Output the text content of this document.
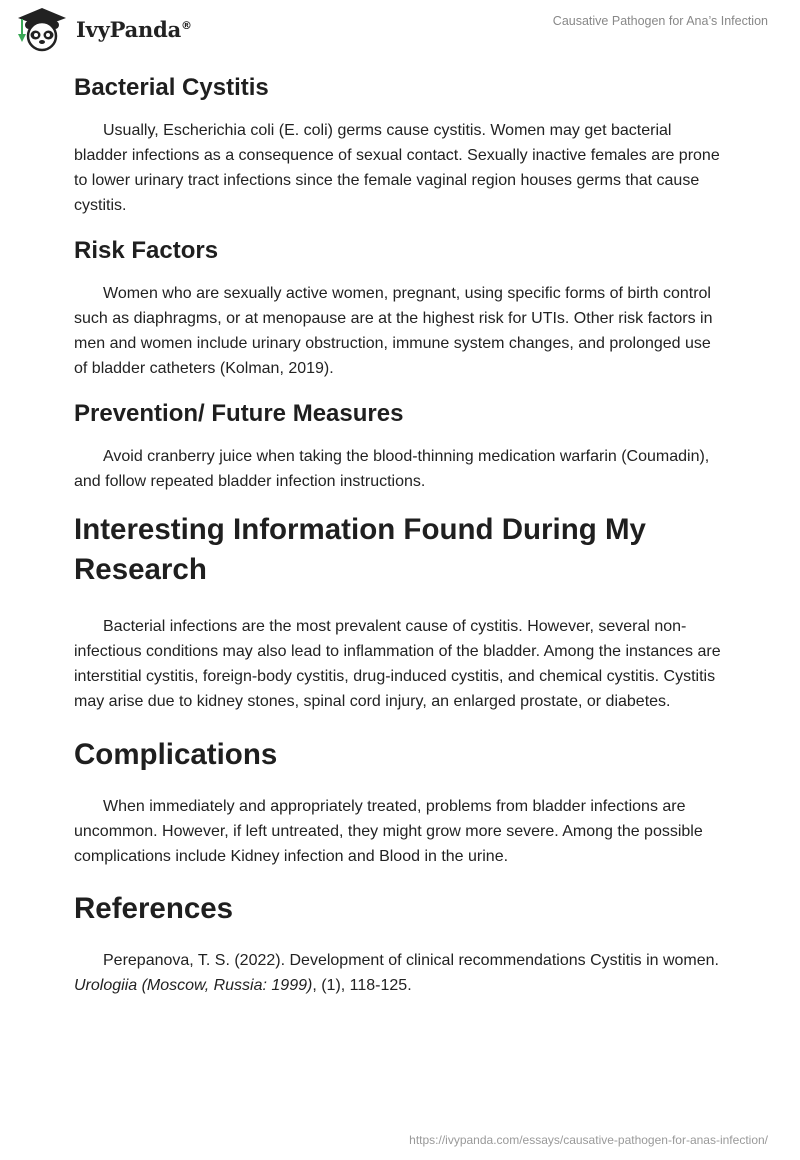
IvyPanda®	Causative Pathogen for Ana’s Infection
Bacterial Cystitis

Usually, Escherichia coli (E. coli) germs cause cystitis. Women may get bacterial bladder infections as a consequence of sexual contact. Sexually inactive females are prone to lower urinary tract infections since the female vaginal region houses germs that cause cystitis.

Risk Factors

Women who are sexually active women, pregnant, using specific forms of birth control such as diaphragms, or at menopause are at the highest risk for UTIs. Other risk factors in men and women include urinary obstruction, immune system changes, and prolonged use of bladder catheters (Kolman, 2019).

Prevention/ Future Measures

Avoid cranberry juice when taking the blood-thinning medication warfarin (Coumadin), and follow repeated bladder infection instructions.

Interesting Information Found During My Research

Bacterial infections are the most prevalent cause of cystitis. However, several non-infectious conditions may also lead to inflammation of the bladder. Among the instances are interstitial cystitis, foreign-body cystitis, drug-induced cystitis, and chemical cystitis. Cystitis may arise due to kidney stones, spinal cord injury, an enlarged prostate, or diabetes.

Complications

When immediately and appropriately treated, problems from bladder infections are uncommon. However, if left untreated, they might grow more severe. Among the possible complications include Kidney infection and Blood in the urine.

References

Perepanova, T. S. (2022). Development of clinical recommendations Cystitis in women. Urologiia (Moscow, Russia: 1999), (1), 118-125.

https://ivypanda.com/essays/causative-pathogen-for-anas-infection/
